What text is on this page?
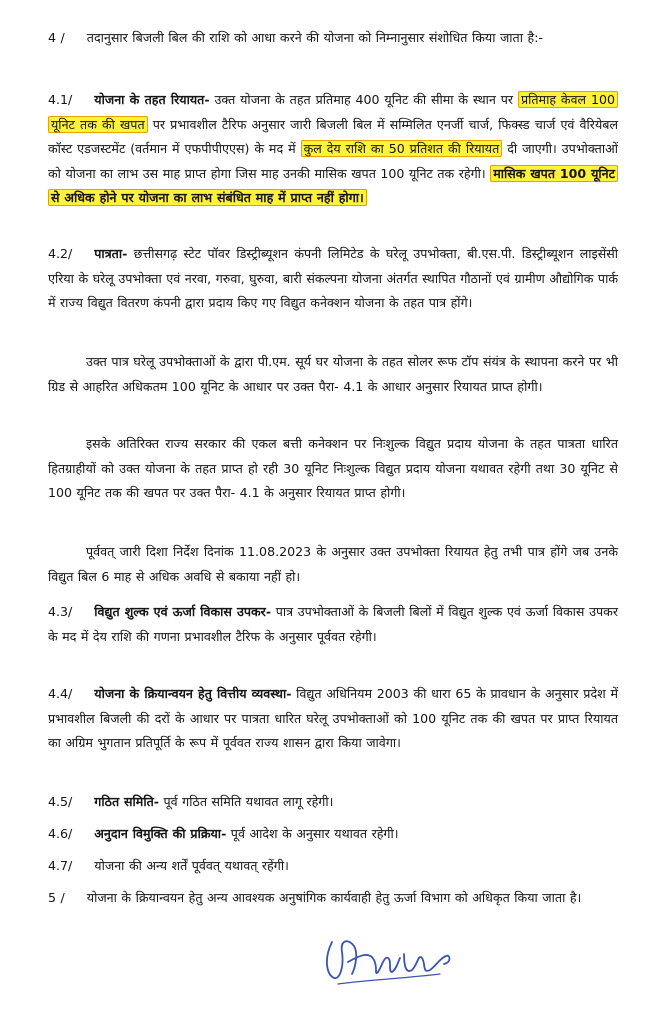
4 / तदानुसार बिजली बिल की राशि को आधा करने की योजना को निम्नानुसार संशोधित किया जाता है:-

4.1/ योजना के तहत रियायत- उक्त योजना के तहत प्रतिमाह 400 यूनिट की सीमा के स्थान पर प्रतिमाह केवल 100 यूनिट तक की खपत पर प्रभावशील टैरिफ अनुसार जारी बिजली बिल में सम्मिलित एनर्जी चार्ज, फिक्स्ड चार्ज एवं वैरियेबल कॉस्ट एडजस्टमेंट (वर्तमान में एफपीपीएएस) के मद में कुल देय राशि का 50 प्रतिशत की रियायत दी जाएगी। उपभोक्ताओं को योजना का लाभ उस माह प्राप्त होगा जिस माह उनकी मासिक खपत 100 यूनिट तक रहेगी। मासिक खपत 100 यूनिट से अधिक होने पर योजना का लाभ संबंधित माह में प्राप्त नहीं होगा।

4.2/ पात्रता- छत्तीसगढ़ स्टेट पॉवर डिस्ट्रीब्यूशन कंपनी लिमिटेड के घरेलू उपभोक्ता, बी.एस.पी. डिस्ट्रीब्यूशन लाइसेंसी एरिया के घरेलू उपभोक्ता एवं नरवा, गरुवा, घुरुवा, बारी संकल्पना योजना अंतर्गत स्थापित गौठानों एवं ग्रामीण औद्योगिक पार्क में राज्य विद्युत वितरण कंपनी द्वारा प्रदाय किए गए विद्युत कनेक्शन योजना के तहत पात्र होंगे।

उक्त पात्र घरेलू उपभोक्ताओं के द्वारा पी.एम. सूर्य घर योजना के तहत सोलर रूफ टॉप संयंत्र के स्थापना करने पर भी ग्रिड से आहरित अधिकतम 100 यूनिट के आधार पर उक्त पैरा- 4.1 के आधार अनुसार रियायत प्राप्त होगी।

इसके अतिरिक्त राज्य सरकार की एकल बत्ती कनेक्शन पर निःशुल्क विद्युत प्रदाय योजना के तहत पात्रता धारित हितग्राहीयों को उक्त योजना के तहत प्राप्त हो रही 30 यूनिट निःशुल्क विद्युत प्रदाय योजना यथावत रहेगी तथा 30 यूनिट से 100 यूनिट तक की खपत पर उक्त पैरा- 4.1 के अनुसार रियायत प्राप्त होगी।

पूर्ववत् जारी दिशा निर्देश दिनांक 11.08.2023 के अनुसार उक्त उपभोक्ता रियायत हेतु तभी पात्र होंगे जब उनके विद्युत बिल 6 माह से अधिक अवधि से बकाया नहीं हो।

4.3/ विद्युत शुल्क एवं ऊर्जा विकास उपकर- पात्र उपभोक्ताओं के बिजली बिलों में विद्युत शुल्क एवं ऊर्जा विकास उपकर के मद में देय राशि की गणना प्रभावशील टैरिफ के अनुसार पूर्ववत रहेगी।

4.4/ योजना के क्रियान्वयन हेतु वित्तीय व्यवस्था- विद्युत अधिनियम 2003 की धारा 65 के प्रावधान के अनुसार प्रदेश में प्रभावशील बिजली की दरों के आधार पर पात्रता धारित घरेलू उपभोक्ताओं को 100 यूनिट तक की खपत पर प्राप्त रियायत का अग्रिम भुगतान प्रतिपूर्ति के रूप में पूर्ववत राज्य शासन द्वारा किया जावेगा।

4.5/ गठित समिति- पूर्व गठित समिति यथावत लागू रहेगी।

4.6/ अनुदान विमुक्ति की प्रक्रिया- पूर्व आदेश के अनुसार यथावत रहेगी।

4.7/ योजना की अन्य शर्तें पूर्ववत् यथावत् रहेंगी।

5 / योजना के क्रियान्वयन हेतु अन्य आवश्यक अनुषांगिक कार्यवाही हेतु ऊर्जा विभाग को अधिकृत किया जाता है।
